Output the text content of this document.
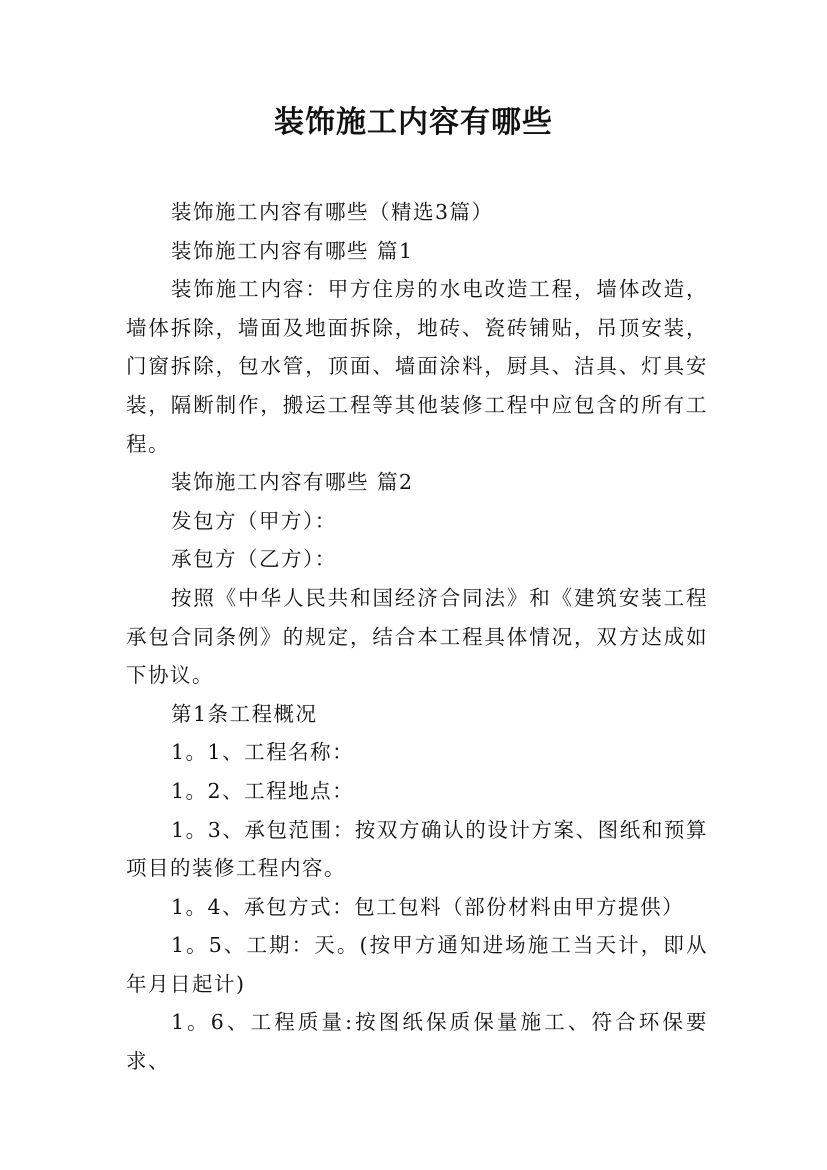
装饰施工内容有哪些

装饰施工内容有哪些（精选3篇）

装饰施工内容有哪些 篇1

装饰施工内容：甲方住房的水电改造工程，墙体改造，墙体拆除，墙面及地面拆除，地砖、瓷砖铺贴，吊顶安装，门窗拆除，包水管，顶面、墙面涂料，厨具、洁具、灯具安装，隔断制作，搬运工程等其他装修工程中应包含的所有工程。

装饰施工内容有哪些 篇2

发包方（甲方）：

承包方（乙方）：

按照《中华人民共和国经济合同法》和《建筑安装工程承包合同条例》的规定，结合本工程具体情况，双方达成如下协议。

第1条工程概况

1。1、工程名称：

1。2、工程地点：

1。3、承包范围：按双方确认的设计方案、图纸和预算项目的装修工程内容。

1。4、承包方式：包工包料（部份材料由甲方提供）

1。5、工期：天。(按甲方通知进场施工当天计，即从年月日起计)

1。6、工程质量:按图纸保质保量施工、符合环保要求、
